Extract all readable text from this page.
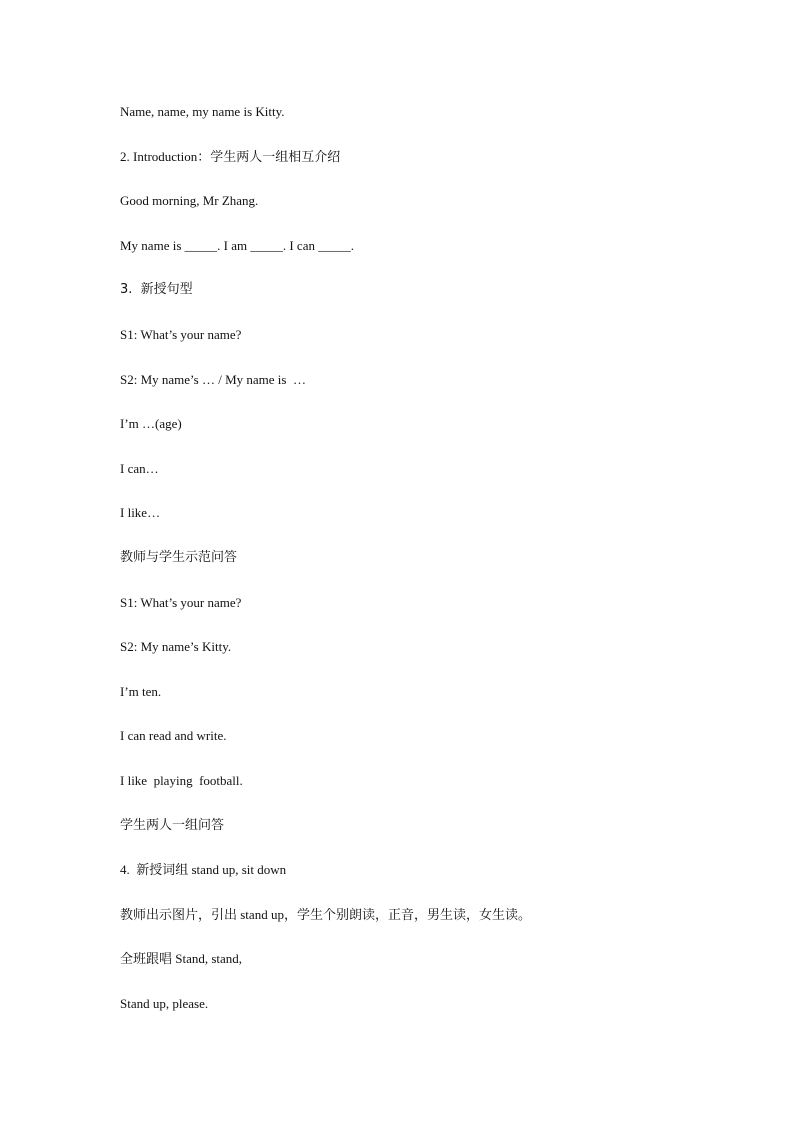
Name, name, my name is Kitty.

2. Introduction：学生两人一组相互介绍

Good morning, Mr Zhang.

My name is _____. I am _____. I can _____.

3.  新授句型

S1: What’s your name?

S2: My name’s … / My name is  …

I’m …(age)

I can…

I like…

教师与学生示范问答

S1: What’s your name?

S2: My name’s Kitty.

I’m ten.

I can read and write.

I like  playing  football.

学生两人一组问答

4.  新授词组 stand up, sit down

教师出示图片，引出 stand up，学生个别朗读，正音，男生读，女生读。

全班跟唱 Stand, stand,

Stand up, please.
